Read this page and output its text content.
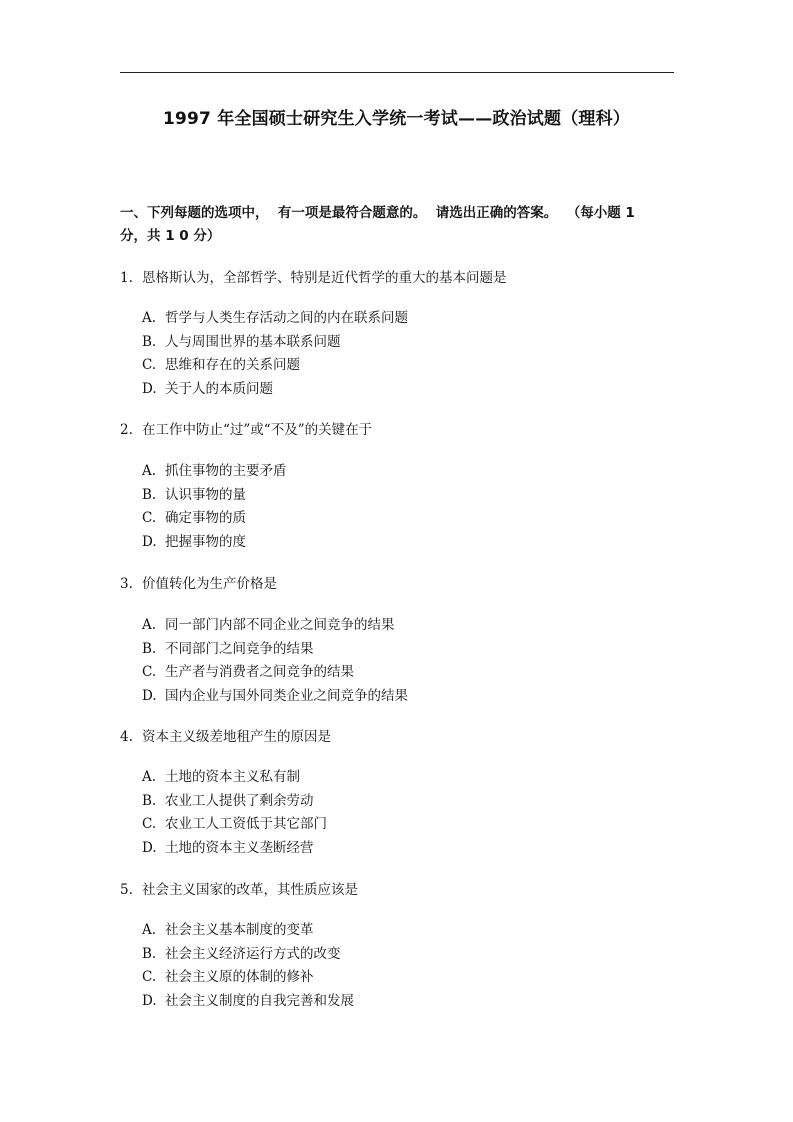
1997 年全国硕士研究生入学统一考试——政治试题（理科）
一、下列每题的选项中，  有一项是最符合题意的。  请选出正确的答案。  （每小题 1
分，共 1 0 分）
1. 恩格斯认为，全部哲学、特别是近代哲学的重大的基本问题是
A. 哲学与人类生存活动之间的内在联系问题
B. 人与周围世界的基本联系问题
C. 思维和存在的关系问题
D. 关于人的本质问题
2. 在工作中防止“过”或“不及”的关键在于
A. 抓住事物的主要矛盾
B. 认识事物的量
C. 确定事物的质
D. 把握事物的度
3. 价值转化为生产价格是
A. 同一部门内部不同企业之间竞争的结果
B. 不同部门之间竞争的结果
C. 生产者与消费者之间竞争的结果
D. 国内企业与国外同类企业之间竞争的结果
4. 资本主义级差地租产生的原因是
A. 土地的资本主义私有制
B. 农业工人提供了剩余劳动
C. 农业工人工资低于其它部门
D. 土地的资本主义垄断经营
5. 社会主义国家的改革，其性质应该是
A. 社会主义基本制度的变革
B. 社会主义经济运行方式的改变
C. 社会主义原的体制的修补
D. 社会主义制度的自我完善和发展
